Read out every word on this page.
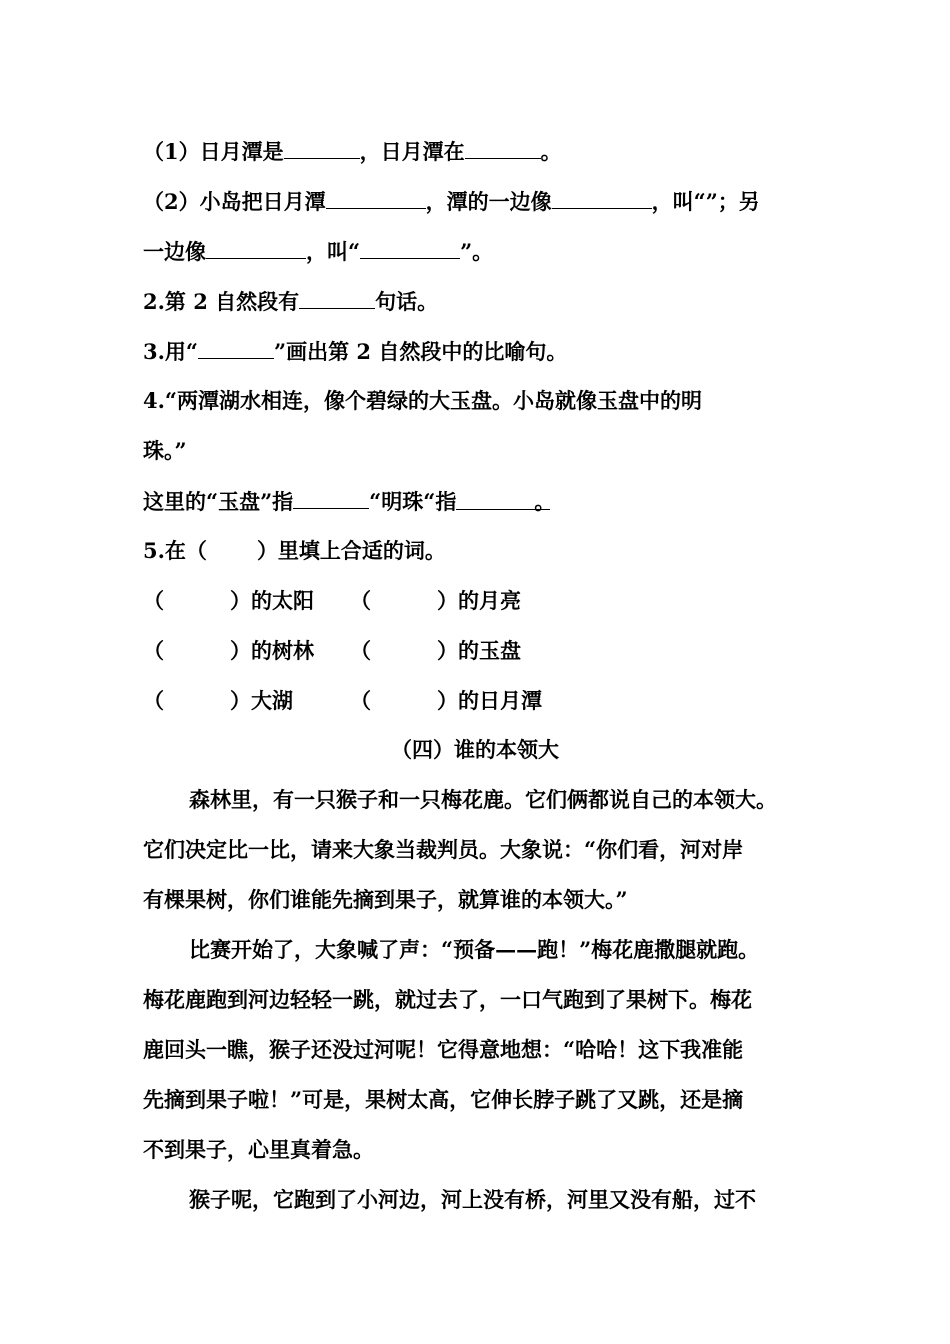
（1）日月潭是	，日月潭在	。
（2）小岛把日月潭	，潭的一边像	，叫“”；另
一边像	，叫“	”。
2.第 2 自然段有	句话。
3.用“	”画出第 2 自然段中的比喻句。
4.“两潭湖水相连，像个碧绿的大玉盘。小岛就像玉盘中的明
珠。”
这里的“玉盘”指	“明珠“指	。
5.在（ ）里填上合适的词。
（	）的太阳 （	）的月亮
（	）的树林 （	）的玉盘
（	）大湖	（	）的日月潭
（四）谁的本领大
森林里，有一只猴子和一只梅花鹿。它们俩都说自己的本领大。
它们决定比一比，请来大象当裁判员。大象说：“你们看，河对岸
有棵果树，你们谁能先摘到果子，就算谁的本领大。”
比赛开始了，大象喊了声：“预备——跑！”梅花鹿撒腿就跑。
梅花鹿跑到河边轻轻一跳，就过去了，一口气跑到了果树下。梅花
鹿回头一瞧，猴子还没过河呢！它得意地想：“哈哈！这下我准能
先摘到果子啦！”可是，果树太高，它伸长脖子跳了又跳，还是摘
不到果子，心里真着急。
猴子呢，它跑到了小河边，河上没有桥，河里又没有船，过不
